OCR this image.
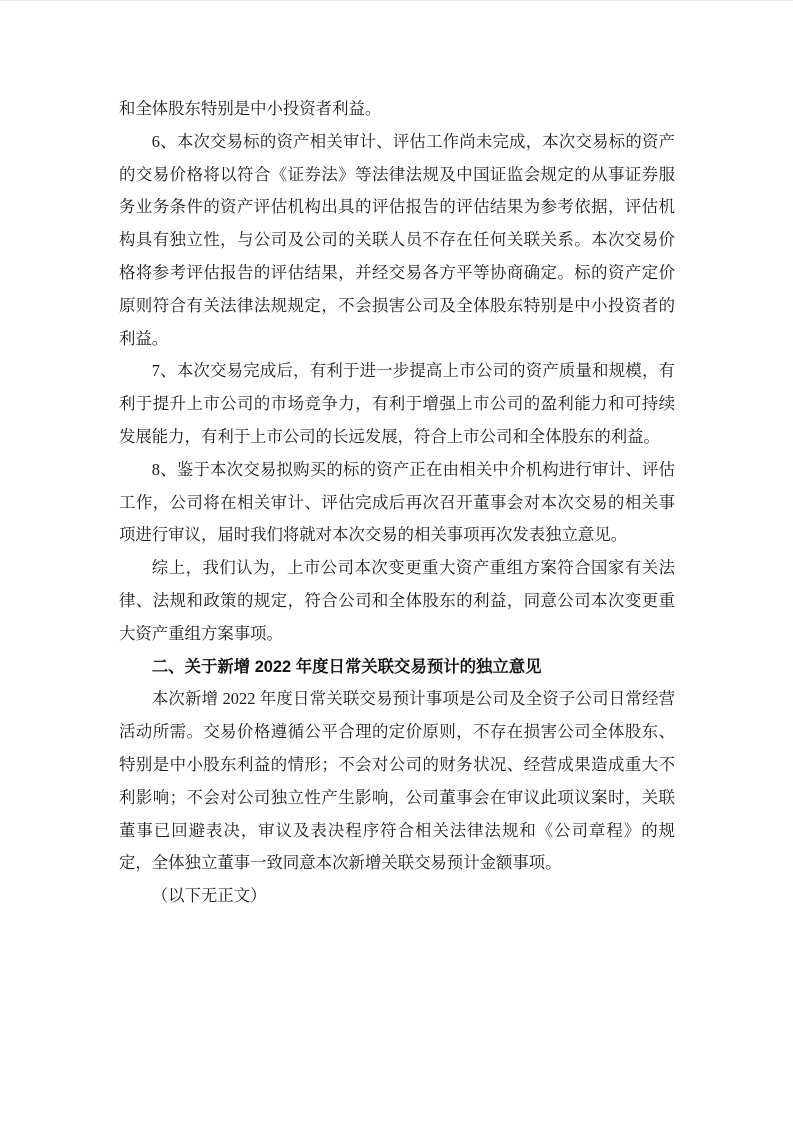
和全体股东特别是中小投资者利益。

6、本次交易标的资产相关审计、评估工作尚未完成，本次交易标的资产的交易价格将以符合《证券法》等法律法规及中国证监会规定的从事证券服务业务条件的资产评估机构出具的评估报告的评估结果为参考依据，评估机构具有独立性，与公司及公司的关联人员不存在任何关联关系。本次交易价格将参考评估报告的评估结果，并经交易各方平等协商确定。标的资产定价原则符合有关法律法规规定，不会损害公司及全体股东特别是中小投资者的利益。

7、本次交易完成后，有利于进一步提高上市公司的资产质量和规模，有利于提升上市公司的市场竞争力，有利于增强上市公司的盈利能力和可持续发展能力，有利于上市公司的长远发展，符合上市公司和全体股东的利益。

8、鉴于本次交易拟购买的标的资产正在由相关中介机构进行审计、评估工作，公司将在相关审计、评估完成后再次召开董事会对本次交易的相关事项进行审议，届时我们将就对本次交易的相关事项再次发表独立意见。

综上，我们认为，上市公司本次变更重大资产重组方案符合国家有关法律、法规和政策的规定，符合公司和全体股东的利益，同意公司本次变更重大资产重组方案事项。

二、关于新增 2022 年度日常关联交易预计的独立意见

本次新增 2022 年度日常关联交易预计事项是公司及全资子公司日常经营活动所需。交易价格遵循公平合理的定价原则，不存在损害公司全体股东、特别是中小股东利益的情形；不会对公司的财务状况、经营成果造成重大不利影响；不会对公司独立性产生影响，公司董事会在审议此项议案时，关联董事已回避表决，审议及表决程序符合相关法律法规和《公司章程》的规定，全体独立董事一致同意本次新增关联交易预计金额事项。

（以下无正文）
